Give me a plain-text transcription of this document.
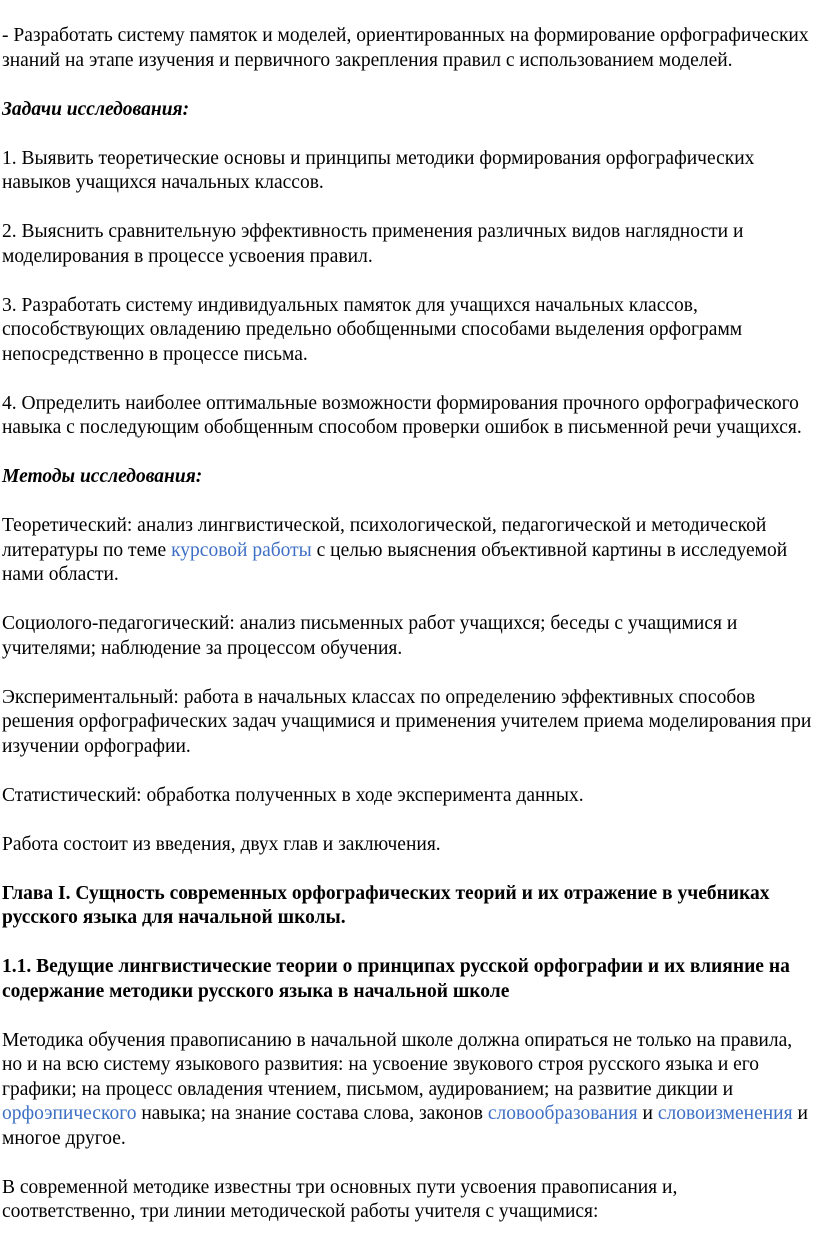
- Разработать систему памяток и моделей, ориентированных на формирование орфографических знаний на этапе изучения и первичного закрепления правил с использованием моделей.

Задачи исследования:

1. Выявить теоретические основы и принципы методики формирования орфографических навыков учащихся начальных классов.

2. Выяснить сравнительную эффективность применения различных видов наглядности и моделирования в процессе усвоения правил.

3. Разработать систему индивидуальных памяток для учащихся начальных классов, способствующих овладению предельно обобщенными способами выделения орфограмм непосредственно в процессе письма.

4. Определить наиболее оптимальные возможности формирования прочного орфографического навыка с последующим обобщенным способом проверки ошибок в письменной речи учащихся.

Методы исследования:

Теоретический: анализ лингвистической, психологической, педагогической и методической литературы по теме курсовой работы с целью выяснения объективной картины в исследуемой нами области.

Социолого-педагогический: анализ письменных работ учащихся; беседы с учащимися и учителями; наблюдение за процессом обучения.

Экспериментальный: работа в начальных классах по определению эффективных способов решения орфографических задач учащимися и применения учителем приема моделирования при изучении орфографии.

Статистический: обработка полученных в ходе эксперимента данных.

Работа состоит из введения, двух глав и заключения.

Глава I. Сущность современных орфографических теорий и их отражение в учебниках русского языка для начальной школы.

1.1. Ведущие лингвистические теории о принципах русской орфографии и их влияние на содержание методики русского языка в начальной школе

Методика обучения правописанию в начальной школе должна опираться не только на правила, но и на всю систему языкового развития: на усвоение звукового строя русского языка и его графики; на процесс овладения чтением, письмом, аудированием; на развитие дикции и орфоэпического навыка; на знание состава слова, законов словообразования и словоизменения и многое другое.

В современной методике известны три основных пути усвоения правописания и, соответственно, три линии методической работы учителя с учащимися:
